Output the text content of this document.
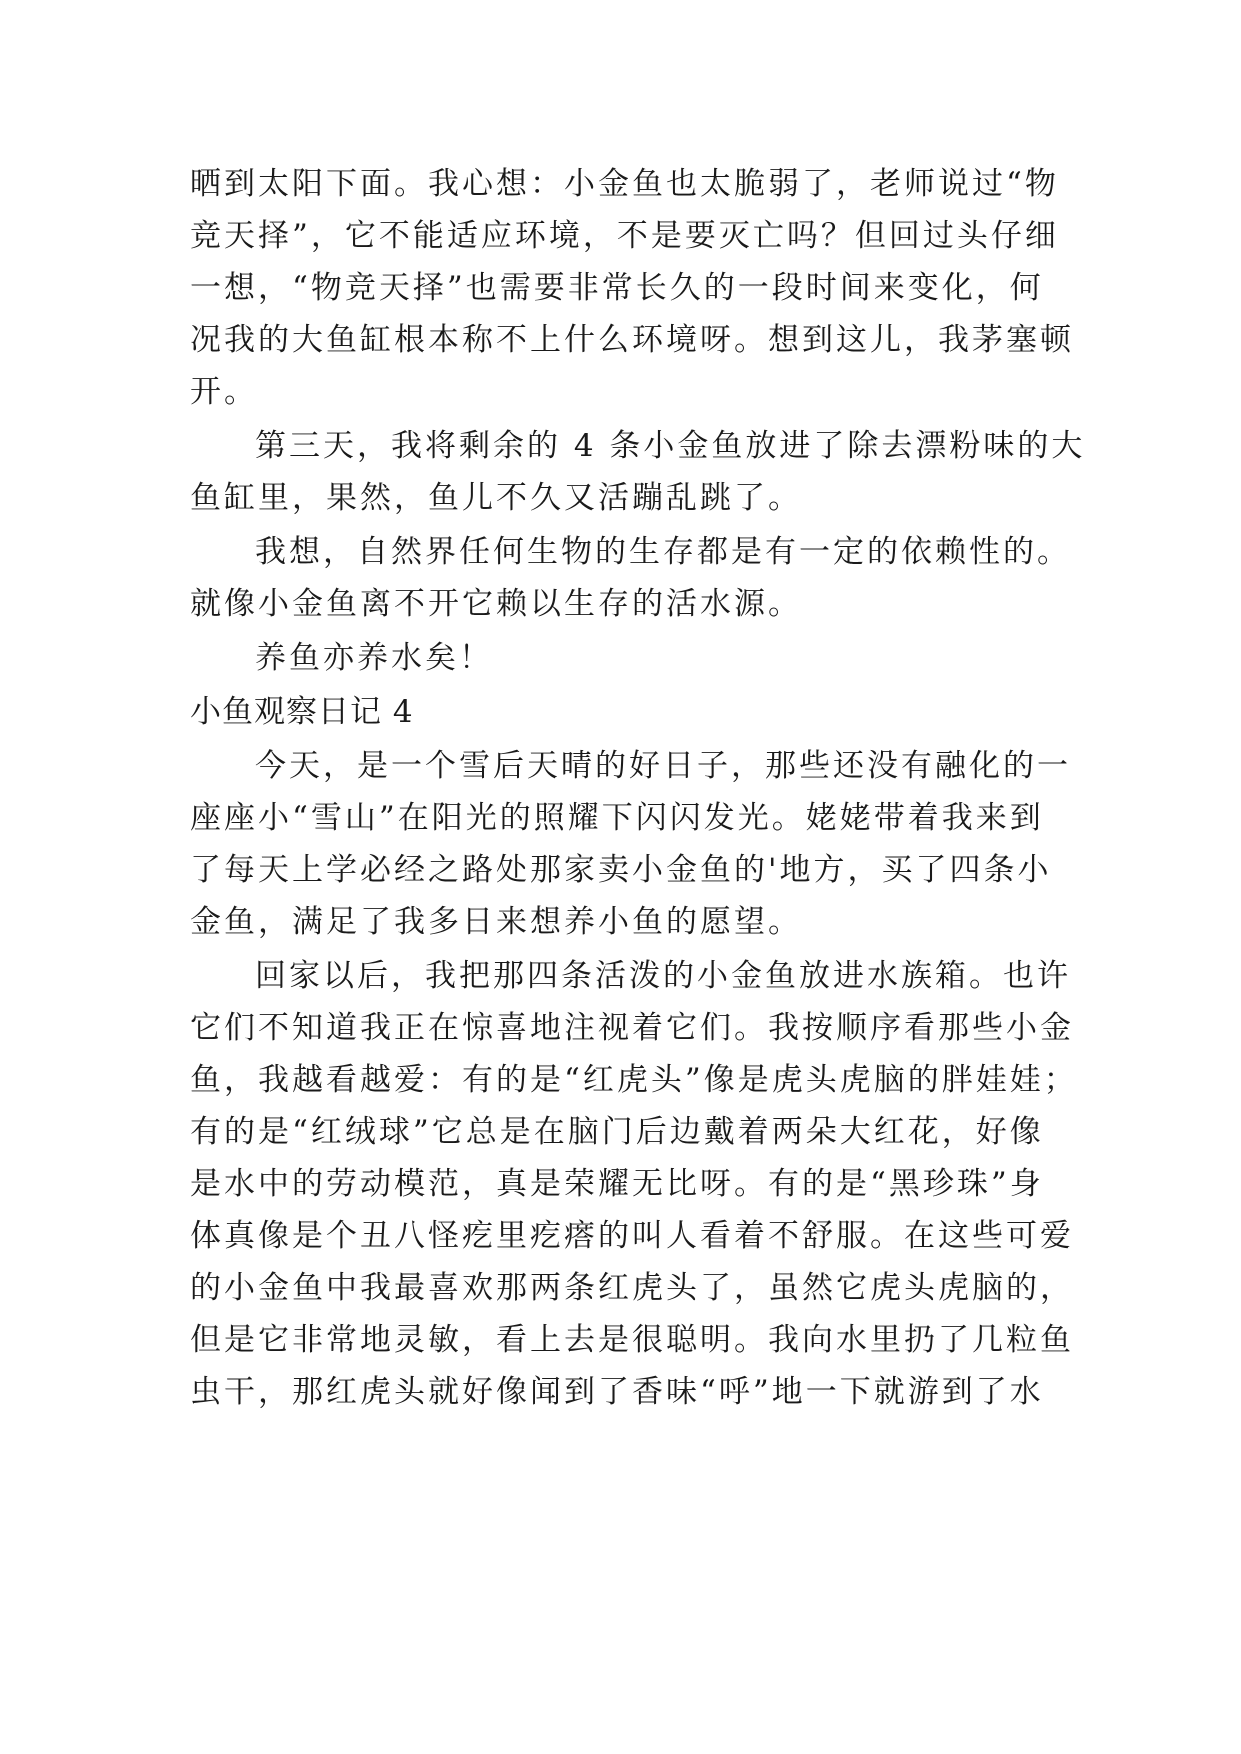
晒到太阳下面。我心想：小金鱼也太脆弱了，老师说过“物
竞天择”，它不能适应环境，不是要灭亡吗？但回过头仔细
一想，“物竞天择”也需要非常长久的一段时间来变化，何
况我的大鱼缸根本称不上什么环境呀。想到这儿，我茅塞顿
开。
第三天，我将剩余的 4 条小金鱼放进了除去漂粉味的大
鱼缸里，果然，鱼儿不久又活蹦乱跳了。
我想，自然界任何生物的生存都是有一定的依赖性的。
就像小金鱼离不开它赖以生存的活水源。
养鱼亦养水矣！
小鱼观察日记 4
今天，是一个雪后天晴的好日子，那些还没有融化的一
座座小“雪山”在阳光的照耀下闪闪发光。姥姥带着我来到
了每天上学必经之路处那家卖小金鱼的'地方，买了四条小
金鱼，满足了我多日来想养小鱼的愿望。
回家以后，我把那四条活泼的小金鱼放进水族箱。也许
它们不知道我正在惊喜地注视着它们。我按顺序看那些小金
鱼，我越看越爱：有的是“红虎头”像是虎头虎脑的胖娃娃；
有的是“红绒球”它总是在脑门后边戴着两朵大红花，好像
是水中的劳动模范，真是荣耀无比呀。有的是“黑珍珠”身
体真像是个丑八怪疙里疙瘩的叫人看着不舒服。在这些可爱
的小金鱼中我最喜欢那两条红虎头了，虽然它虎头虎脑的，
但是它非常地灵敏，看上去是很聪明。我向水里扔了几粒鱼
虫干，那红虎头就好像闻到了香味“呼”地一下就游到了水
